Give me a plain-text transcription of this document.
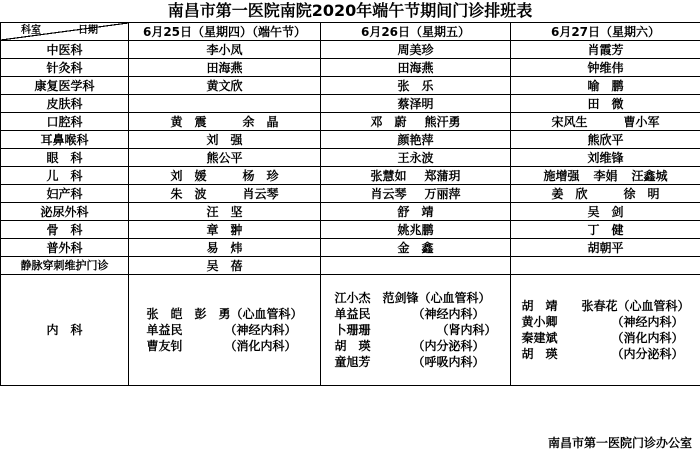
南昌市第一医院南院2020年端午节期间门诊排班表
科室 日期	6月25日（星期四）（端午节）	6月26日（星期五）	6月27日（星期六）
中医科	李小凤	周美珍	肖霞芳

针灸科	田海燕	田海燕	钟维伟

康复医学科	黄文欣	张　乐	喻　鹏

皮肤科		蔡泽明	田　微

口腔科	黄　震 余　晶	邓　蔚 熊汗勇	宋风生 曹小军

耳鼻喉科	刘　强	颜艳萍	熊欣平

眼　科	熊公平	王永波	刘维锋

儿　科	刘　媛 杨　珍	张慧如 郑蒲玥	施增强 李娟 汪鑫城

妇产科	朱　波 肖云琴	肖云琴 万丽萍	姜　欣 徐　明

泌尿外科	汪　坚	舒　靖	吴　剑

骨　科	章　翀	姚兆鹏	丁　健

普外科	易　炜	金　鑫	胡朝平

静脉穿刺维护门诊	吴　蓓		

内　科	张　皑　彭　勇（心血管科）
单益民　　　　（神经内科）
曹友钊　　　　（消化内科）	江小杰　范剑锋（心血管科）
单益民　　　　（神经内科）
卜珊珊　　　　　　（肾内科）
胡　瑛　　　　（内分泌科）
童旭芳　　　　（呼吸内科）	胡　靖　　张春花（心血管科）
黄小卿　　　　　（神经内科）
秦建斌　　　　　（消化内科）
胡　瑛　　　　　（内分泌科）
南昌市第一医院门诊办公室
